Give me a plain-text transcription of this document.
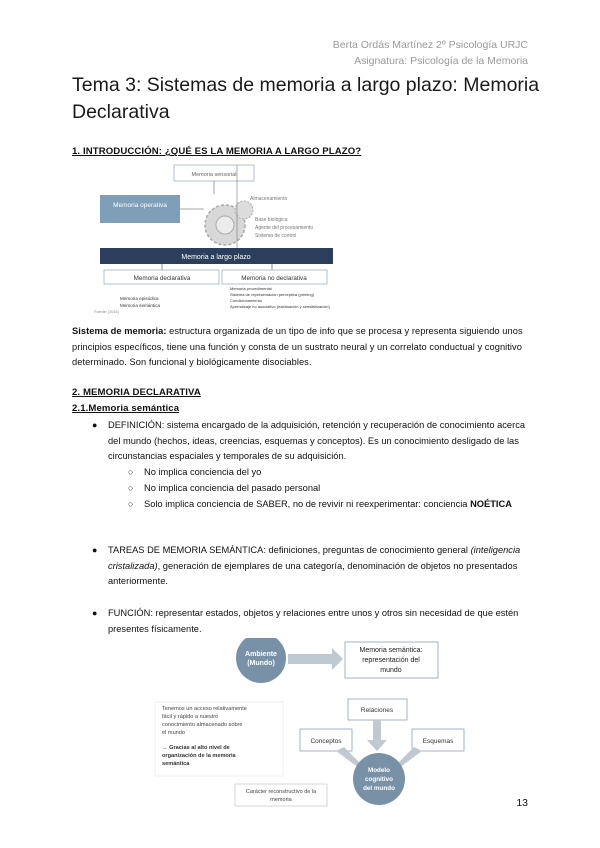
Berta Ordás Martínez 2º Psicología URJC
Asignatura: Psicología de la Memoria
Tema 3: Sistemas de memoria a largo plazo: Memoria Declarativa
1. INTRODUCCIÓN: ¿QUÉ ES LA MEMORIA A LARGO PLAZO?
Memoria sensorial
Memoria operativa
Almacenamiento
Base biológica
Agente del procesamiento
Sistema de control
Memoria a largo plazo
Memoria declarativa	Memoria no declarativa
Memoria episódica
Memoria semántica
Memoria procedimental
Sistema de representación perceptiva (priming)
Condicionamiento
Aprendizaje no asociativo (habituación y sensibilización)
Fuente: (2016)
Sistema de memoria: estructura organizada de un tipo de info que se procesa y representa siguiendo unos principios específicos, tiene una función y consta de un sustrato neural y un correlato conductual y cognitivo determinado. Son funcional y biológicamente disociables.
2. MEMORIA DECLARATIVA
2.1.Memoria semántica
● DEFINICIÓN: sistema encargado de la adquisición, retención y recuperación de conocimiento acerca del mundo (hechos, ideas, creencias, esquemas y conceptos). Es un conocimiento desligado de las circunstancias espaciales y temporales de su adquisición.
○ No implica conciencia del yo
○ No implica conciencia del pasado personal
○ Solo implica conciencia de SABER, no de revivir ni reexperimentar: conciencia NOÉTICA
● TAREAS DE MEMORIA SEMÁNTICA: definiciones, preguntas de conocimiento general (inteligencia cristalizada), generación de ejemplares de una categoría, denominación de objetos no presentados anteriormente.
● FUNCIÓN: representar estados, objetos y relaciones entre unos y otros sin necesidad de que estén presentes físicamente.
Ambiente
(Mundo)
Memoria semántica:
representación del
mundo
Tenemos un acceso relativamente
fácil y rápido a nuestro
conocimiento almacenado sobre
el mundo
→ Gracias al alto nivel de
organización de la memoria
semántica
Relaciones
Conceptos	Esquemas
Modelo
cognitivo
del mundo
Carácter reconstructivo de la
memoria	13
